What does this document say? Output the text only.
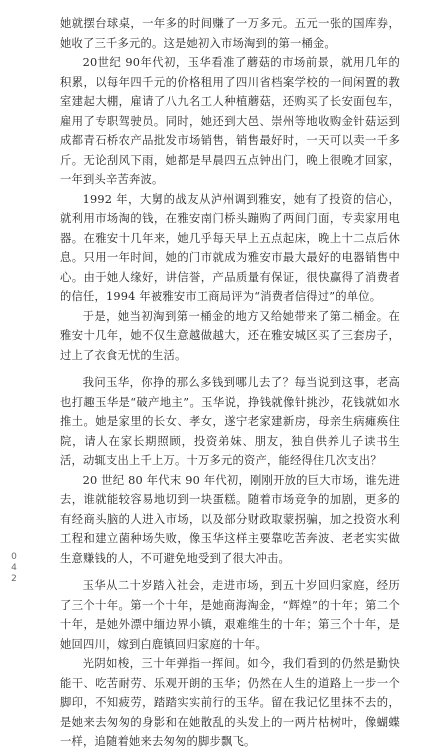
她就摆台球桌，一年多的时间赚了一万多元。五元一张的国库券，她收了三千多元的。这是她初入市场淘到的第一桶金。

20世纪 90年代初，玉华看准了蘑菇的市场前景，就用几年的积累，以每年四千元的价格租用了四川省档案学校的一间闲置的教室建起大棚，雇请了八九名工人种植蘑菇，还购买了长安面包车，雇用了专职驾驶员。同时，她还到大邑、崇州等地收购金针菇运到成都青石桥农产品批发市场销售，销售最好时，一天可以卖一千多斤。无论刮风下雨，她都是早晨四五点钟出门，晚上很晚才回家，一年到头辛苦奔波。

1992 年，大舅的战友从泸州调到雅安，她有了投资的信心，就利用市场淘的钱，在雅安南门桥头蹦购了两间门面，专卖家用电器。在雅安十几年来，她几乎每天早上五点起床，晚上十二点后休息。只用一年时间，她的门市就成为雅安市最大最好的电器销售中心。由于她人缘好，讲信誉，产品质量有保证，很快赢得了消费者的信任，1994 年被雅安市工商局评为“消费者信得过”的单位。

于是，她当初淘到第一桶金的地方又给她带来了第二桶金。在雅安十几年，她不仅生意越做越大，还在雅安城区买了三套房子，过上了衣食无忧的生活。

我问玉华，你挣的那么多钱到哪儿去了？每当说到这事，老高也打趣玉华是“破产地主”。玉华说，挣钱就像针挑沙，花钱就如水推土。她是家里的长女、孝女，遂宁老家建新房，母亲生病瘫痪住院，请人在家长期照顾，投资弟妹、朋友，独自供养儿子读书生活，动辄支出上千上万。十万多元的资产，能经得住几次支出？

20 世纪 80 年代末 90 年代初，刚刚开放的巨大市场，谁先进去，谁就能较容易地切到一块蛋糕。随着市场竞争的加剧，更多的有经商头脑的人进入市场，以及部分财政取蒙拐骗，加之投资水利工程和建立菌种场失败，像玉华这样主要靠吃苦奔波、老老实实做生意赚钱的人，不可避免地受到了很大冲击。

玉华从二十岁踏入社会，走进市场，到五十岁回归家庭，经历了三个十年。第一个十年，是她商海淘金，“辉煌”的十年；第二个十年，是她外漂中缅边界小镇，艰难维生的十年；第三个十年，是她回四川，嫁到白鹿镇回归家庭的十年。

光阴如梭，三十年弹指一挥间。如今，我们看到的仍然是勤快能干、吃苦耐劳、乐观开朗的玉华；仍然在人生的道路上一步一个脚印，不知疲劳，踏踏实实前行的玉华。留在我记忆里抹不去的，是她来去匆匆的身影和在她散乱的头发上的一两片枯树叶，像蝴蝶一样，追随着她来去匆匆的脚步飘飞。

042
